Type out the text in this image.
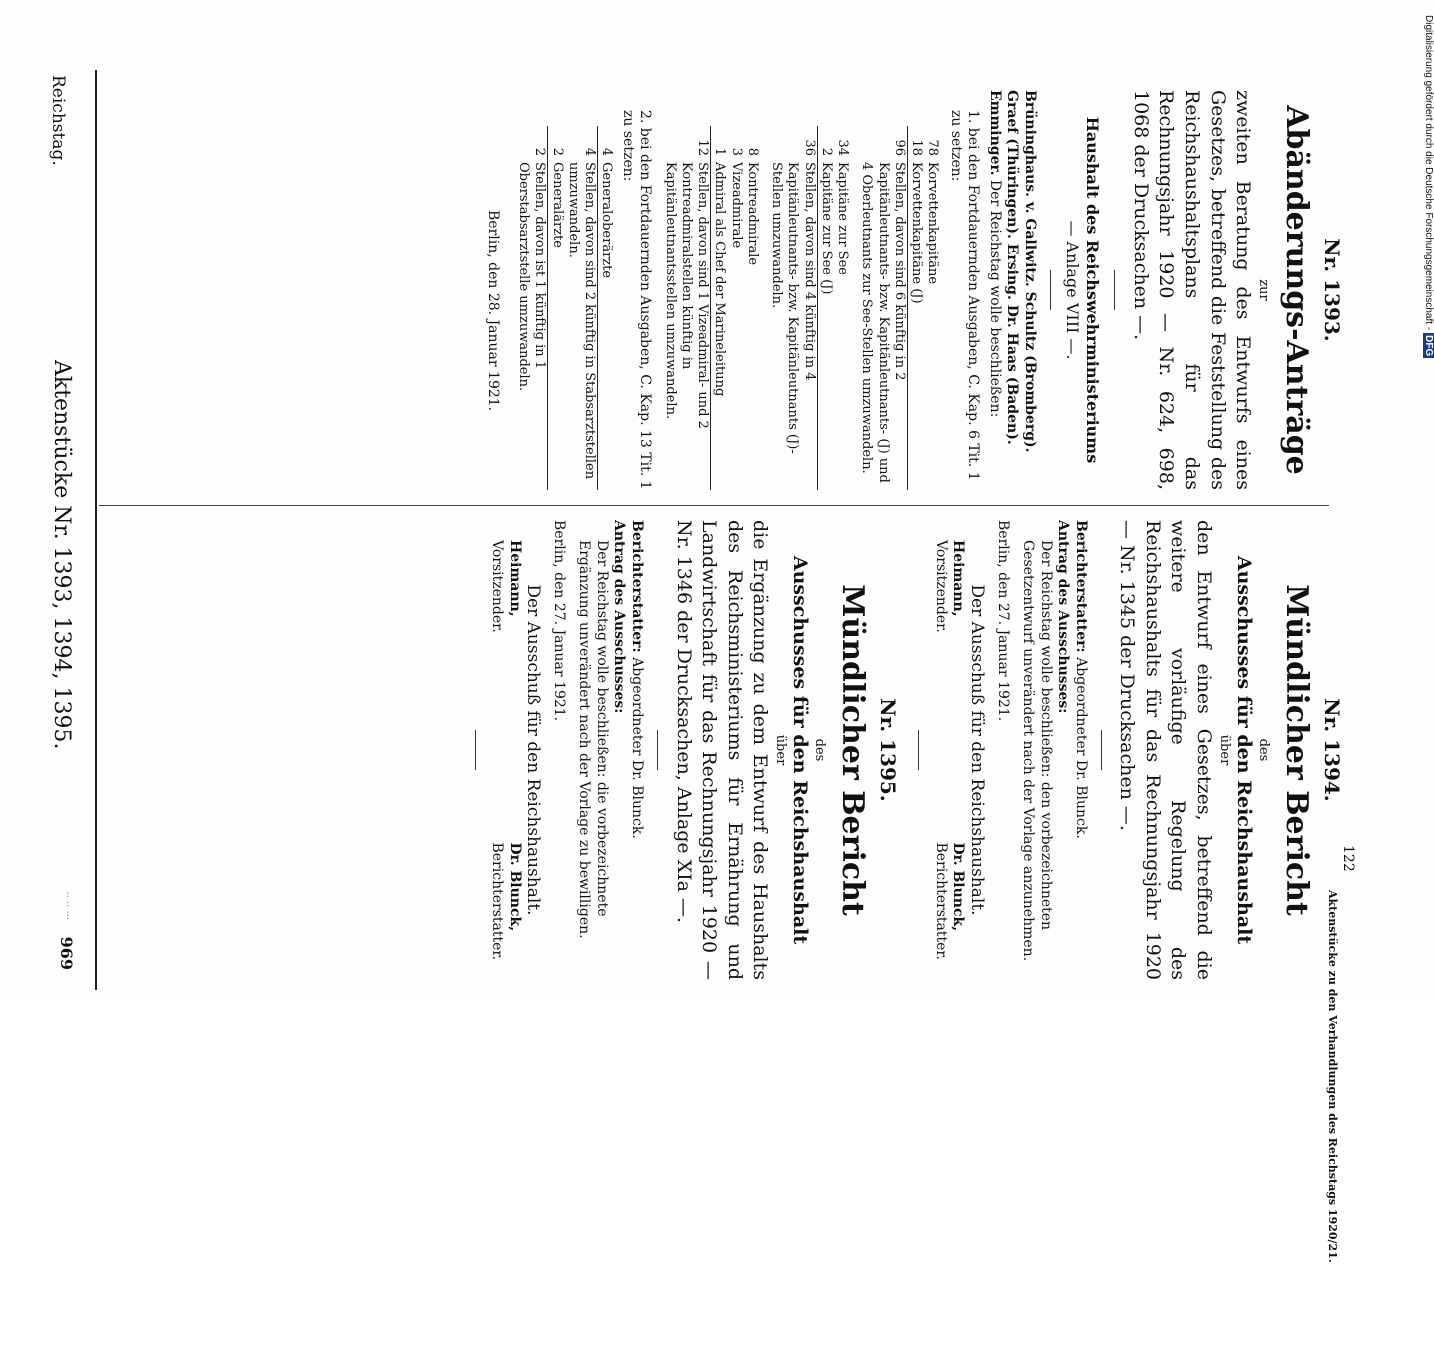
Reichstag.
Aktenstücke Nr. 1393, 1394, 1395.
·· ·· ···
969
Nr. 1393.
Abänderungs-Anträge
zur
zweiten Beratung des Entwurfs eines Gesetzes, betreffend die Feststellung des Reichshaushaltsplans für das Rechnungsjahr 1920 — Nr. 624, 698, 1068 der Drucksachen —.
Haushalt des Reichswehrministeriums
— Anlage VIII —.
Brüninghaus. v. Gallwitz. Schultz (Bromberg). Graef (Thüringen). Ersing. Dr. Haas (Baden). Emminger. Der Reichstag wolle beschließen:
1. bei den Fortdauernden Ausgaben, C. Kap. 6 Tit. 1 zu setzen:
78
Korvettenkapitäne
18
Korvettenkapitäne (J)
96
Stellen, davon sind 6 künftig in 2 Kapitänleutnants- bzw. Kapitänleutnants- (J) und 4 Oberleutnants zur See-Stellen umzuwandeln.
34
Kapitäne zur See
2
Kapitäne zur See (J)
36
Stellen, davon sind 4 künftig in 4 Kapitänleutnants- bzw. Kapitänleutnants (J)-Stellen umzuwandeln.
8
Kontreadmirale
3
Vizeadmirale
1
Admiral als Chef der Marineleitung
12
Stellen, davon sind 1 Vizeadmiral- und 2 Kontreadmiralstellen künftig in Kapitänleutnantsstellen umzuwandeln.
2. bei den Fortdauernden Ausgaben, C. Kap. 13 Tit. 1 zu setzen:
4
Generaloberärzte
4
Stellen, davon sind 2 künftig in Stabsarztstellen umzuwandeln.
2
Generalärzte
2
Stellen, davon ist 1 künftig in 1 Oberstabsarztstelle umzuwandeln.
Berlin, den 28. Januar 1921.
Nr. 1394.
Mündlicher Bericht
des
Ausschusses für den Reichshaushalt
über
den Entwurf eines Gesetzes, betreffend die weitere vorläufige Regelung des Reichshaushalts für das Rechnungsjahr 1920 — Nr. 1345 der Drucksachen —.
Berichterstatter: Abgeordneter Dr. Blunck.
Antrag des Ausschusses:
Der Reichstag wolle beschließen: den vorbezeichneten Gesetzentwurf unverändert nach der Vorlage anzunehmen.
Berlin, den 27. Januar 1921.
Der Ausschuß für den Reichshaushalt.
Heimann,
Vorsitzender.
Dr. Blunck,
Berichterstatter.
Nr. 1395.
Mündlicher Bericht
des
Ausschusses für den Reichshaushalt
über
die Ergänzung zu dem Entwurf des Haushalts des Reichsministeriums für Ernährung und Landwirtschaft für das Rechnungsjahr 1920 — Nr. 1346 der Drucksachen, Anlage XIa —.
Berichterstatter: Abgeordneter Dr. Blunck.
Antrag des Ausschusses:
Der Reichstag wolle beschließen: die vorbezeichnete Ergänzung unverändert nach der Vorlage zu bewilligen.
Berlin, den 27. Januar 1921.
Der Ausschuß für den Reichshaushalt.
Heimann,
Vorsitzender.
Dr. Blunck,
Berichterstatter.	122
Aktenstücke zu den Verhandlungen des Reichstags 1920/21.
Digitalisierung gefördert durch die Deutsche Forschungsgemeinschaft -DFG
